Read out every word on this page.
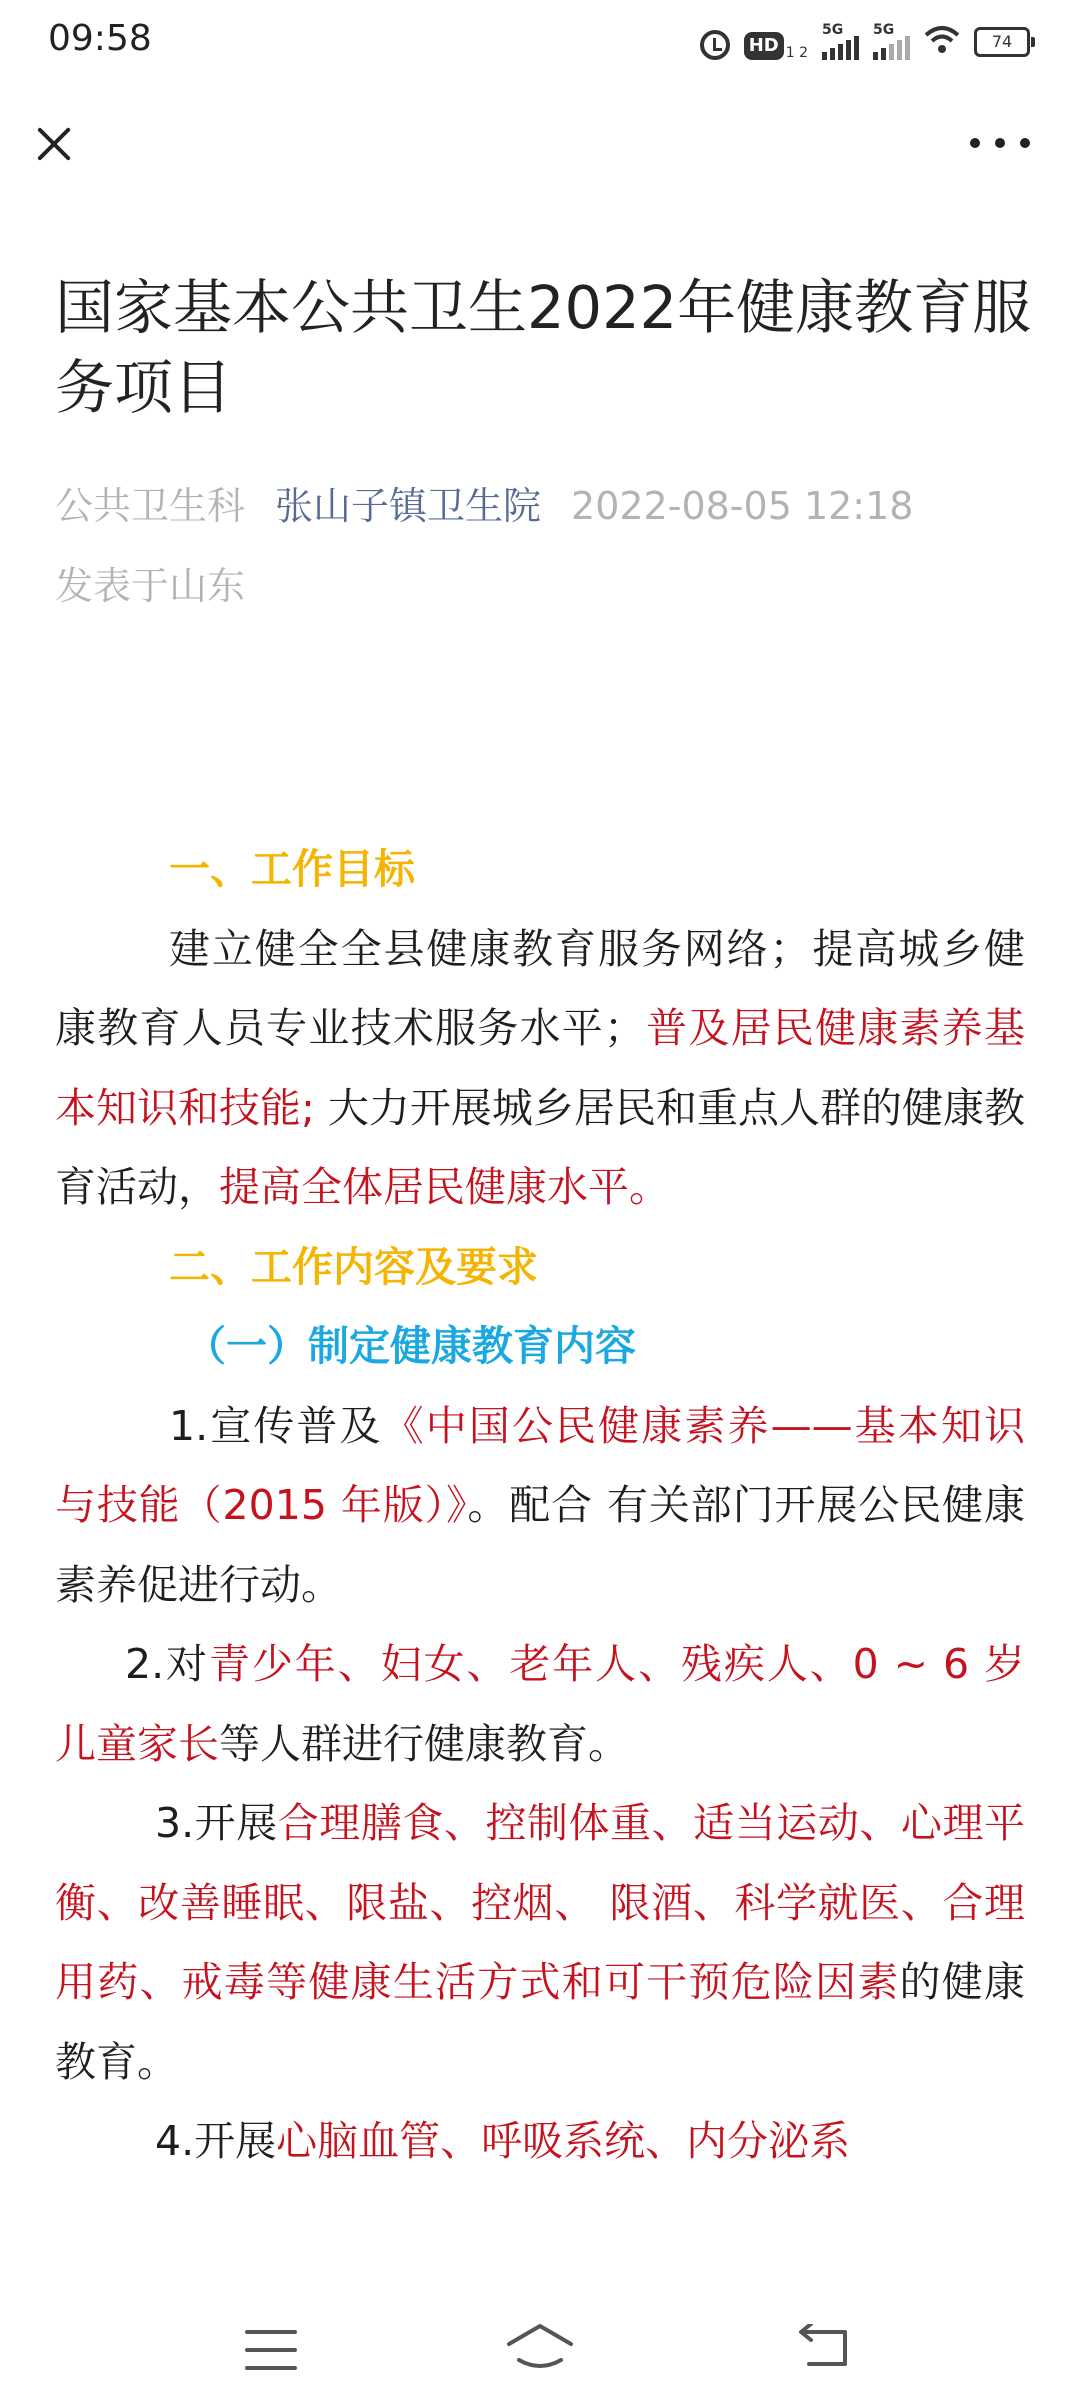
09:58	HD 1 2
5G 5G
74
国家基本公共卫生2022年健康教育服务项目
公共卫生科 张山子镇卫生院 2022-08-05 12:18
发表于山东

一、工作目标

建立健全全县健康教育服务网络；提高城乡健康教育人员专业技术服务水平；普及居民健康素养基本知识和技能; 大力开展城乡居民和重点人群的健康教育活动，提高全体居民健康水平。

二、工作内容及要求

（一）制定健康教育内容

1.宣传普及《中国公民健康素养——基本知识与技能（2015 年版）》。配合 有关部门开展公民健康素养促进行动。

2.对青少年、妇女、老年人、残疾人、0 ~ 6 岁儿童家长等人群进行健康教育。

3.开展合理膳食、控制体重、适当运动、心理平衡、改善睡眠、限盐、控烟、 限酒、科学就医、合理用药、戒毒等健康生活方式和可干预危险因素的健康教育。

4.开展心脑血管、呼吸系统、内分泌系
